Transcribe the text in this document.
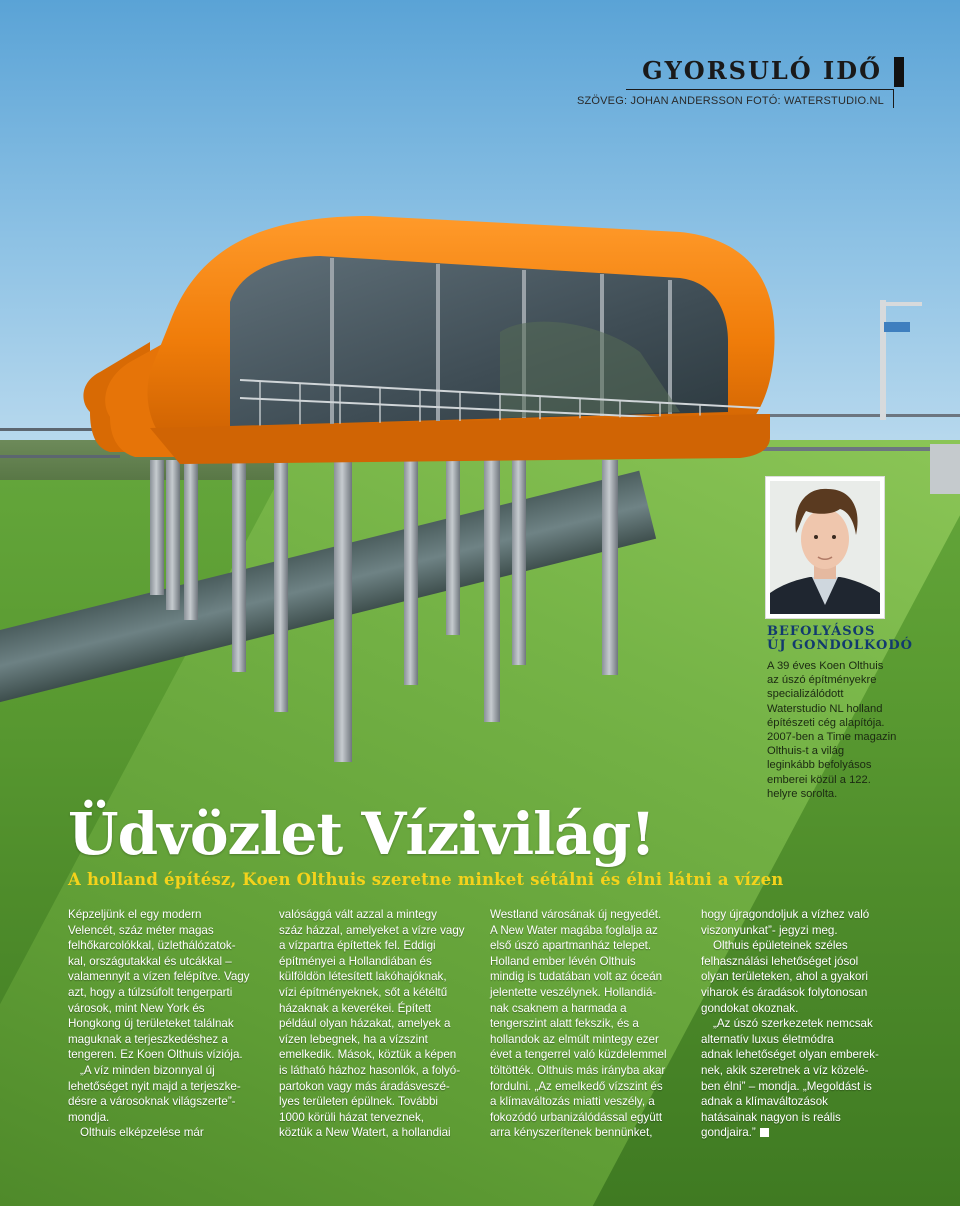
GYORSULÓ IDŐ
SZÖVEG: JOHAN ANDERSSON FOTÓ: WATERSTUDIO.NL
BEFOLYÁSOS
ÚJ GONDOLKODÓ
A 39 éves Koen Olthuis
az úszó építményekre
specializálódott
Waterstudio NL holland
építészeti cég alapítója.
2007-ben a Time magazin
Olthuis-t a világ
leginkább befolyásos
emberei közül a 122.
helyre sorolta.
Üdvözlet Vízivilág!

A holland építész, Koen Olthuis szeretne minket sétálni és élni látni a vízen

Képzeljünk el egy modern
Velencét, száz méter magas
felhőkarcolókkal, üzlethálózatok-
kal, országutakkal és utcákkal –
valamennyit a vízen felépítve. Vagy
azt, hogy a túlzsúfolt tengerparti
városok, mint New York és
Hongkong új területeket találnak
maguknak a terjeszkedéshez a
tengeren. Ez Koen Olthuis víziója.
„A víz minden bizonnyal új
lehetőséget nyit majd a terjeszke-
désre a városoknak világszerte”-
mondja.
Olthuis elképzelése már
valósággá vált azzal a mintegy
száz házzal, amelyeket a vízre vagy
a vízpartra építettek fel. Eddigi
építményei a Hollandiában és
külföldön létesített lakóhajóknak,
vízi építményeknek, sőt a kétéltű
házaknak a keverékei. Épített
például olyan házakat, amelyek a
vízen lebegnek, ha a vízszint
emelkedik. Mások, köztük a képen
is látható házhoz hasonlók, a folyó-
partokon vagy más áradásveszé-
lyes területen épülnek. További
1000 körüli házat terveznek,
köztük a New Watert, a hollandiai
Westland városának új negyedét.
A New Water magába foglalja az
első úszó apartmanház telepet.
Holland ember lévén Olthuis
mindig is tudatában volt az óceán
jelentette veszélynek. Hollandiá-
nak csaknem a harmada a
tengerszint alatt fekszik, és a
hollandok az elmúlt mintegy ezer
évet a tengerrel való küzdelemmel
töltötték. Olthuis más irányba akar
fordulni. „Az emelkedő vízszint és
a klímaváltozás miatti veszély, a
fokozódó urbanizálódással együtt
arra kényszerítenek bennünket,
hogy újragondoljuk a vízhez való
viszonyunkat”- jegyzi meg.
Olthuis épületeinek széles
felhasználási lehetőséget jósol
olyan területeken, ahol a gyakori
viharok és áradások folytonosan
gondokat okoznak.
„Az úszó szerkezetek nemcsak
alternatív luxus életmódra
adnak lehetőséget olyan emberek-
nek, akik szeretnek a víz közelé-
ben élni” – mondja. „Megoldást is
adnak a klímaváltozások
hatásainak nagyon is reális
gondjaira.”
